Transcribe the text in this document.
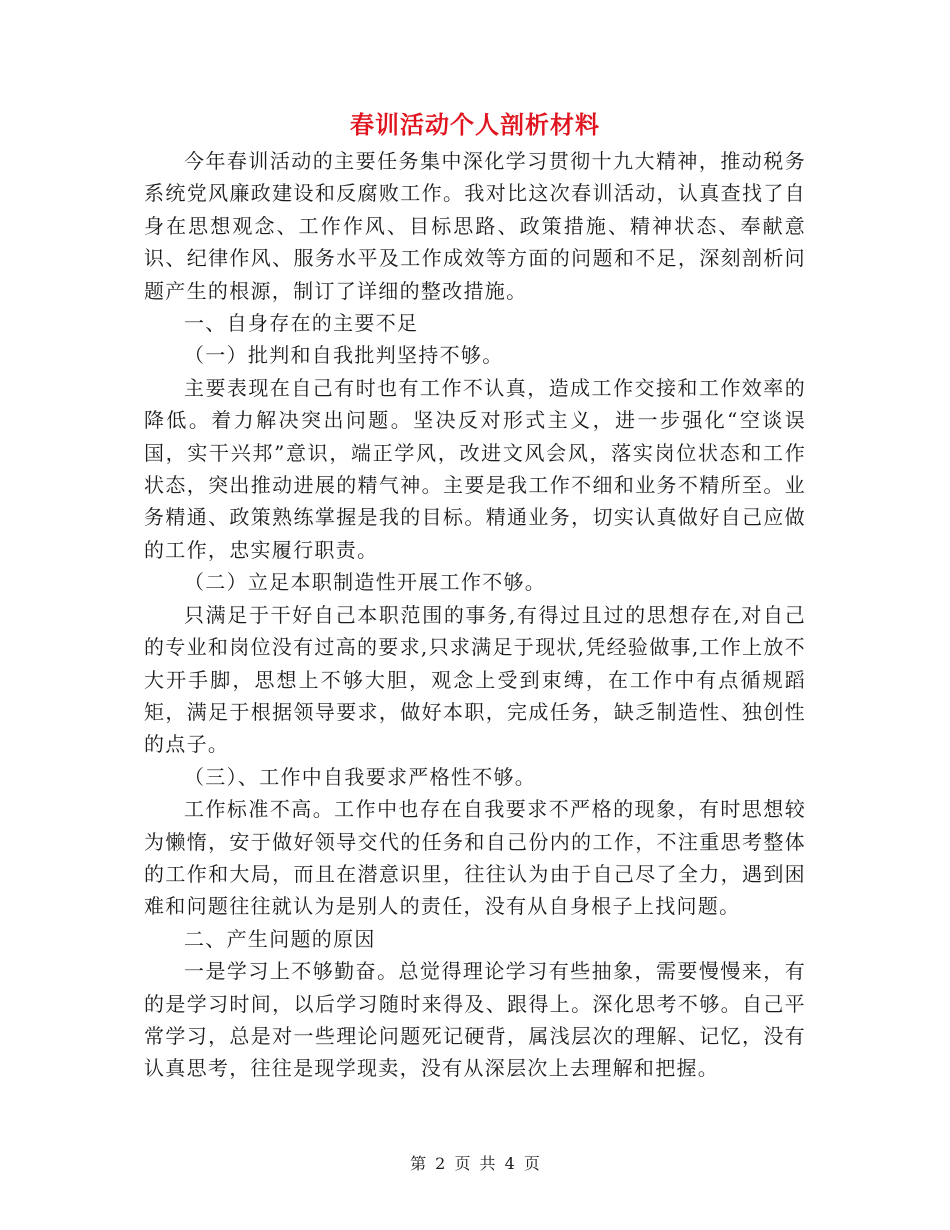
春训活动个人剖析材料

今年春训活动的主要任务集中深化学习贯彻十九大精神，推动税务系统党风廉政建设和反腐败工作。我对比这次春训活动，认真查找了自身在思想观念、工作作风、目标思路、政策措施、精神状态、奉献意识、纪律作风、服务水平及工作成效等方面的问题和不足，深刻剖析问题产生的根源，制订了详细的整改措施。

一、自身存在的主要不足

（一）批判和自我批判坚持不够。

主要表现在自己有时也有工作不认真，造成工作交接和工作效率的降低。着力解决突出问题。坚决反对形式主义，进一步强化“空谈误国，实干兴邦”意识，端正学风，改进文风会风，落实岗位状态和工作状态，突出推动进展的精气神。主要是我工作不细和业务不精所至。业务精通、政策熟练掌握是我的目标。精通业务，切实认真做好自己应做的工作，忠实履行职责。

（二）立足本职制造性开展工作不够。

只满足于干好自己本职范围的事务,有得过且过的思想存在,对自己的专业和岗位没有过高的要求,只求满足于现状,凭经验做事,工作上放不大开手脚，思想上不够大胆，观念上受到束缚，在工作中有点循规蹈矩，满足于根据领导要求，做好本职，完成任务，缺乏制造性、独创性的点子。

（三）、工作中自我要求严格性不够。

工作标准不高。工作中也存在自我要求不严格的现象，有时思想较为懒惰，安于做好领导交代的任务和自己份内的工作，不注重思考整体的工作和大局，而且在潜意识里，往往认为由于自己尽了全力，遇到困难和问题往往就认为是别人的责任，没有从自身根子上找问题。

二、产生问题的原因

一是学习上不够勤奋。总觉得理论学习有些抽象，需要慢慢来，有的是学习时间，以后学习随时来得及、跟得上。深化思考不够。自己平常学习，总是对一些理论问题死记硬背，属浅层次的理解、记忆，没有认真思考，往往是现学现卖，没有从深层次上去理解和把握。

第 2 页 共 4 页
